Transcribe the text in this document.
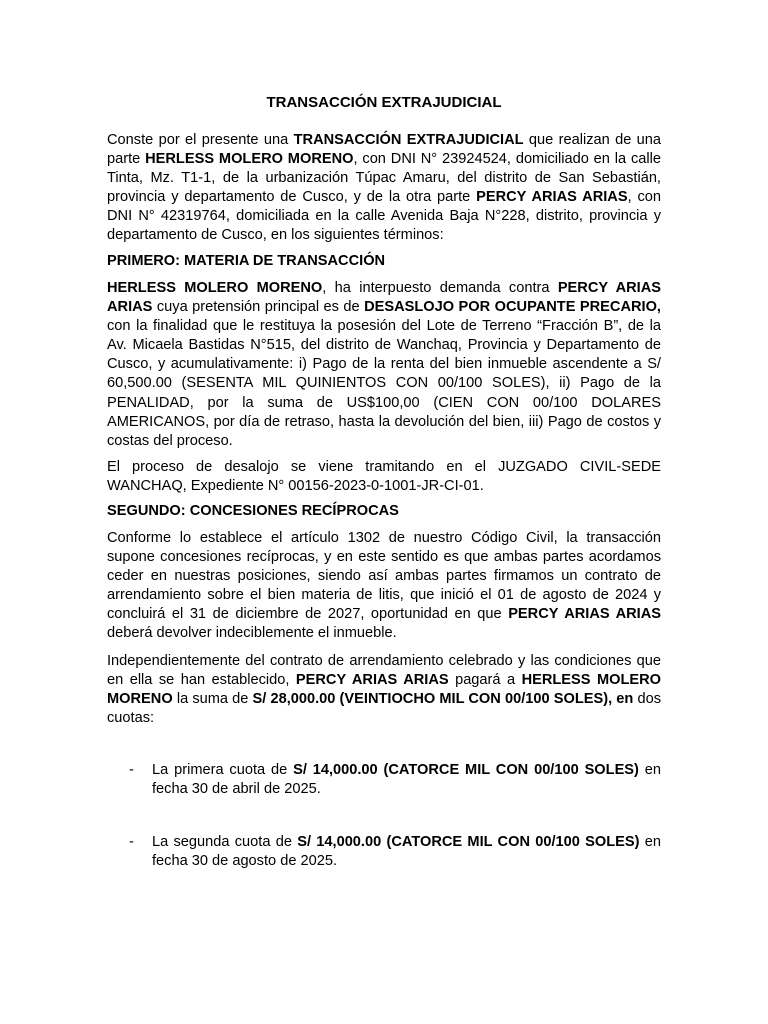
TRANSACCIÓN EXTRAJUDICIAL

Conste por el presente una TRANSACCIÓN EXTRAJUDICIAL que realizan de una parte HERLESS MOLERO MORENO, con DNI N° 23924524, domiciliado en la calle Tinta, Mz. T1-1, de la urbanización Túpac Amaru, del distrito de San Sebastián, provincia y departamento de Cusco, y de la otra parte PERCY ARIAS ARIAS, con DNI N° 42319764, domiciliada en la calle Avenida Baja N°228, distrito, provincia y departamento de Cusco, en los siguientes términos:

PRIMERO: MATERIA DE TRANSACCIÓN

HERLESS MOLERO MORENO, ha interpuesto demanda contra PERCY ARIAS ARIAS cuya pretensión principal es de DESASLOJO POR OCUPANTE PRECARIO, con la finalidad que le restituya la posesión del Lote de Terreno “Fracción B”, de la Av. Micaela Bastidas N°515, del distrito de Wanchaq, Provincia y Departamento de Cusco, y acumulativamente: i) Pago de la renta del bien inmueble ascendente a S/ 60,500.00 (SESENTA MIL QUINIENTOS CON 00/100 SOLES), ii) Pago de la PENALIDAD, por la suma de US$100,00 (CIEN CON 00/100 DOLARES AMERICANOS, por día de retraso, hasta la devolución del bien, iii) Pago de costos y costas del proceso.

El proceso de desalojo se viene tramitando en el JUZGADO CIVIL-SEDE WANCHAQ, Expediente N° 00156-2023-0-1001-JR-CI-01.

SEGUNDO: CONCESIONES RECÍPROCAS

Conforme lo establece el artículo 1302 de nuestro Código Civil, la transacción supone concesiones recíprocas, y en este sentido es que ambas partes acordamos ceder en nuestras posiciones, siendo así ambas partes firmamos un contrato de arrendamiento sobre el bien materia de litis, que inició el 01 de agosto de 2024 y concluirá el 31 de diciembre de 2027, oportunidad en que PERCY ARIAS ARIAS deberá devolver indeciblemente el inmueble.

Independientemente del contrato de arrendamiento celebrado y las condiciones que en ella se han establecido, PERCY ARIAS ARIAS pagará a HERLESS MOLERO MORENO la suma de S/ 28,000.00 (VEINTIOCHO MIL CON 00/100 SOLES), en dos cuotas:

- La primera cuota de S/ 14,000.00 (CATORCE MIL CON 00/100 SOLES) en fecha 30 de abril de 2025.
- La segunda cuota de S/ 14,000.00 (CATORCE MIL CON 00/100 SOLES) en fecha 30 de agosto de 2025.
